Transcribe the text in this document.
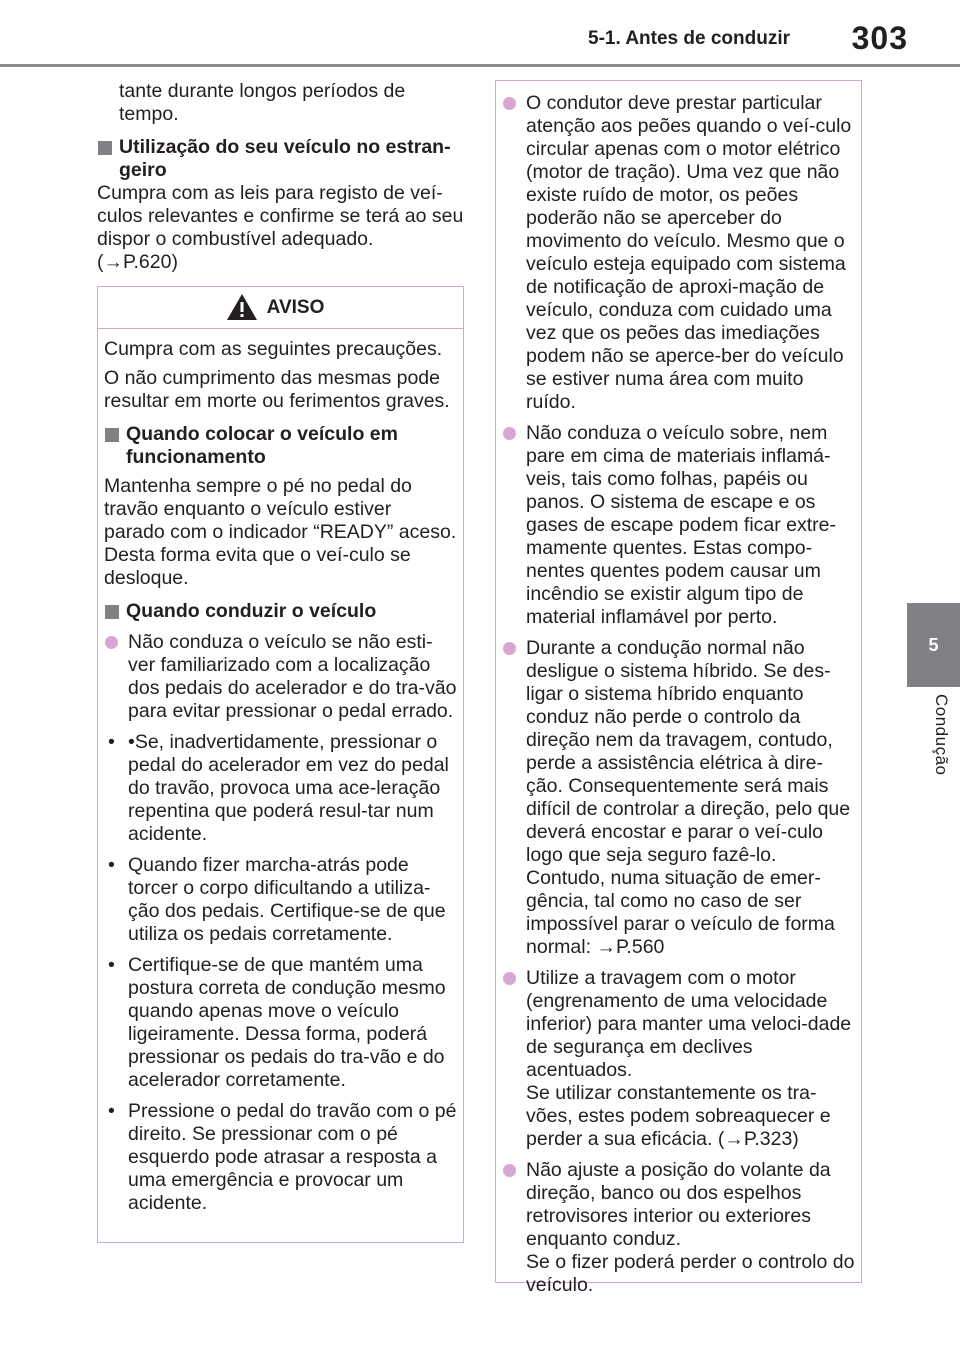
5-1. Antes de conduzir	303
5
Condução
tante durante longos períodos de tempo.
Utilização do seu veículo no estran-geiro
Cumpra com as leis para registo de veí-culos relevantes e confirme se terá ao seu dispor o combustível adequado.
(→P.620)
AVISO
Cumpra com as seguintes precauções.
O não cumprimento das mesmas pode resultar em morte ou ferimentos graves.
Quando colocar o veículo em funcionamento
Mantenha sempre o pé no pedal do travão enquanto o veículo estiver parado com o indicador “READY” aceso. Desta forma evita que o veí-culo se desloque.
Quando conduzir o veículo
Não conduza o veículo se não esti-ver familiarizado com a localização dos pedais do acelerador e do tra-vão para evitar pressionar o pedal errado.
• •Se, inadvertidamente, pressionar o pedal do acelerador em vez do pedal do travão, provoca uma ace-leração repentina que poderá resul-tar num acidente.
• Quando fizer marcha-atrás pode torcer o corpo dificultando a utiliza-ção dos pedais. Certifique-se de que utiliza os pedais corretamente.
• Certifique-se de que mantém uma postura correta de condução mesmo quando apenas move o veículo ligeiramente. Dessa forma, poderá pressionar os pedais do tra-vão e do acelerador corretamente.
• Pressione o pedal do travão com o pé direito. Se pressionar com o pé esquerdo pode atrasar a resposta a uma emergência e provocar um acidente.
O condutor deve prestar particular atenção aos peões quando o veí-culo circular apenas com o motor elétrico (motor de tração). Uma vez que não existe ruído de motor, os peões poderão não se aperceber do movimento do veículo. Mesmo que o veículo esteja equipado com sistema de notificação de aproxi-mação de veículo, conduza com cuidado uma vez que os peões das imediações podem não se aperce-ber do veículo se estiver numa área com muito ruído.
Não conduza o veículo sobre, nem pare em cima de materiais inflamá-veis, tais como folhas, papéis ou panos. O sistema de escape e os gases de escape podem ficar extre-mamente quentes. Estas compo-nentes quentes podem causar um incêndio se existir algum tipo de material inflamável por perto.
Durante a condução normal não desligue o sistema híbrido. Se des-ligar o sistema híbrido enquanto conduz não perde o controlo da direção nem da travagem, contudo, perde a assistência elétrica à dire-ção. Consequentemente será mais difícil de controlar a direção, pelo que deverá encostar e parar o veí-culo logo que seja seguro fazê-lo. Contudo, numa situação de emer-gência, tal como no caso de ser impossível parar o veículo de forma normal: →P.560
Utilize a travagem com o motor (engrenamento de uma velocidade inferior) para manter uma veloci-dade de segurança em declives acentuados.
Se utilizar constantemente os tra-vões, estes podem sobreaquecer e perder a sua eficácia. (→P.323)
Não ajuste a posição do volante da direção, banco ou dos espelhos retrovisores interior ou exteriores enquanto conduz.
Se o fizer poderá perder o controlo do veículo.
